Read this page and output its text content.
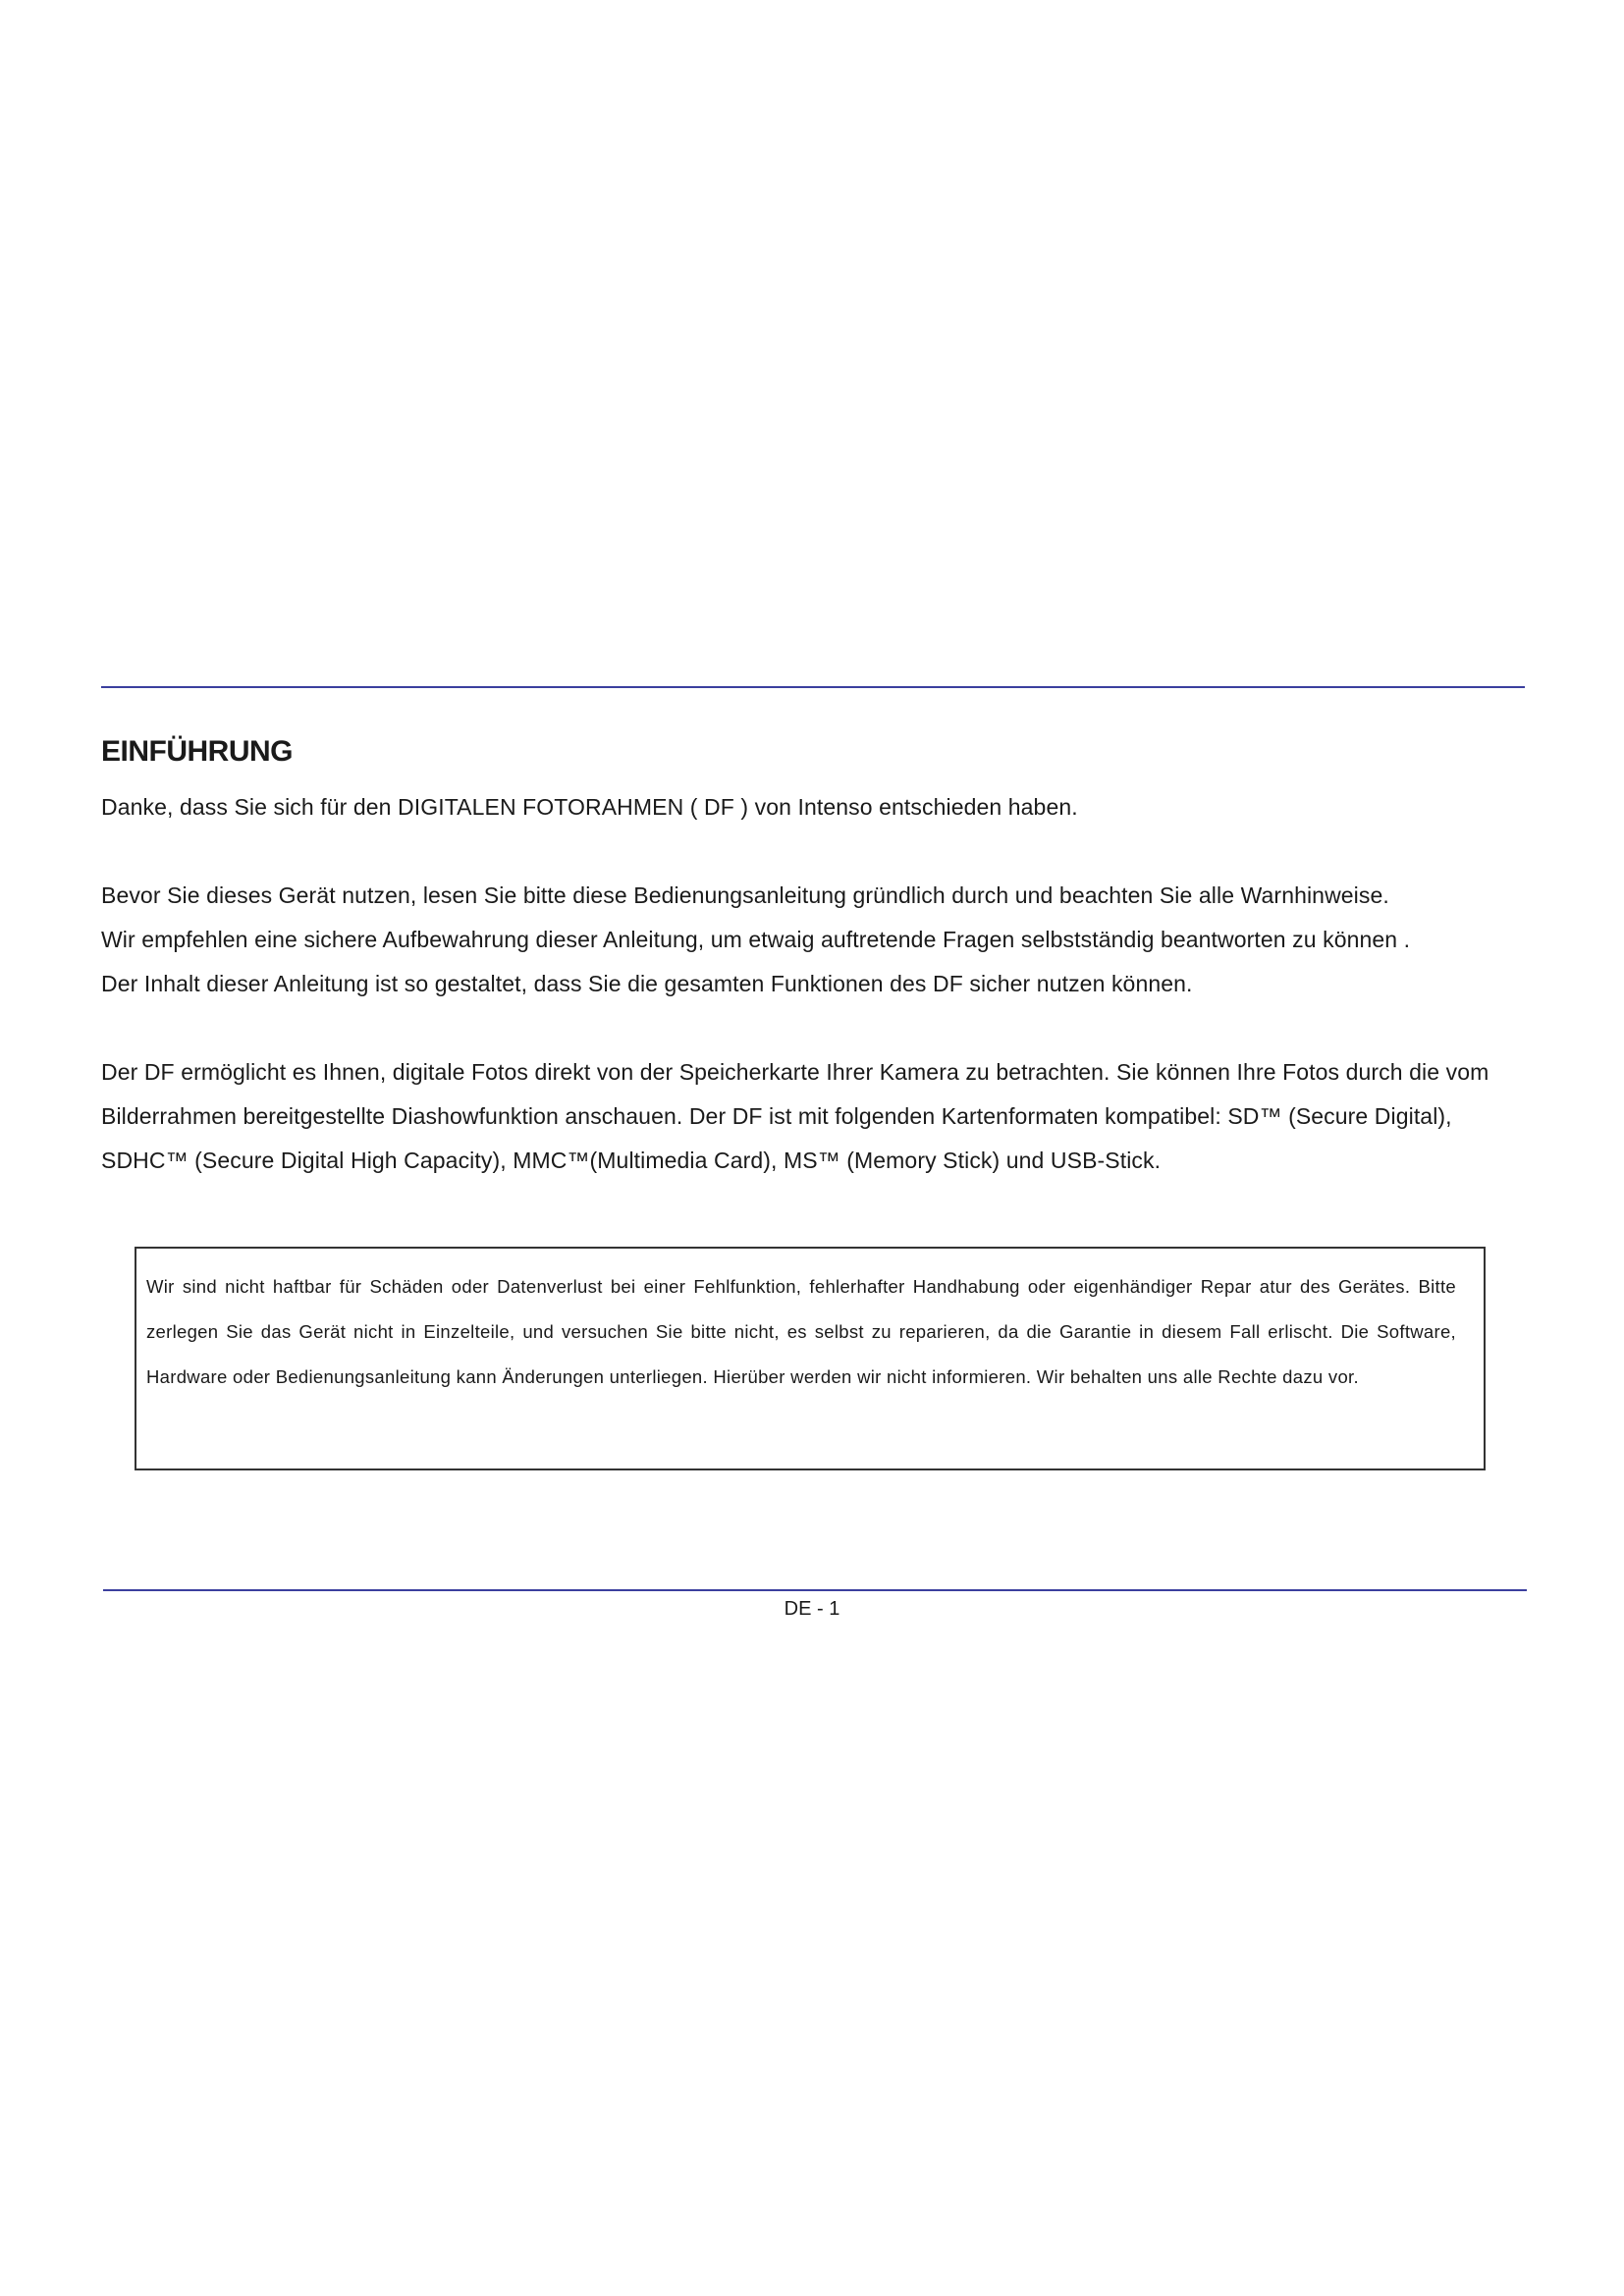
EINFÜHRUNG

Danke, dass Sie sich für den DIGITALEN FOTORAHMEN ( DF ) von Intenso entschieden haben.

Bevor Sie dieses Gerät nutzen, lesen Sie bitte diese Bedienungsanleitung gründlich durch und beachten Sie alle Warnhinweise.

Wir empfehlen eine sichere Aufbewahrung dieser Anleitung, um etwaig auftretende Fragen selbstständig beantworten zu können .

Der Inhalt dieser Anleitung ist so gestaltet, dass Sie die gesamten Funktionen des DF sicher nutzen können.

Der DF ermöglicht es Ihnen, digitale Fotos direkt von der Speicherkarte Ihrer Kamera zu betrachten. Sie können Ihre Fotos durch die vom Bilderrahmen bereitgestellte Diashowfunktion anschauen. Der DF ist mit folgenden Kartenformaten kompatibel: SD™ (Secure Digital), SDHC™ (Secure Digital High Capacity), MMC™(Multimedia Card), MS™ (Memory Stick) und USB-Stick.

Wir sind nicht haftbar für Schäden oder Datenverlust bei einer Fehlfunktion, fehlerhafter Handhabung oder eigenhändiger Repar atur des Gerätes. Bitte zerlegen Sie das Gerät nicht in Einzelteile, und versuchen Sie bitte nicht, es selbst zu reparieren, da die Garantie in diesem Fall erlischt. Die Software, Hardware oder Bedienungsanleitung kann Änderungen unterliegen. Hierüber werden wir nicht informieren. Wir behalten uns alle Rechte dazu vor.

DE - 1
